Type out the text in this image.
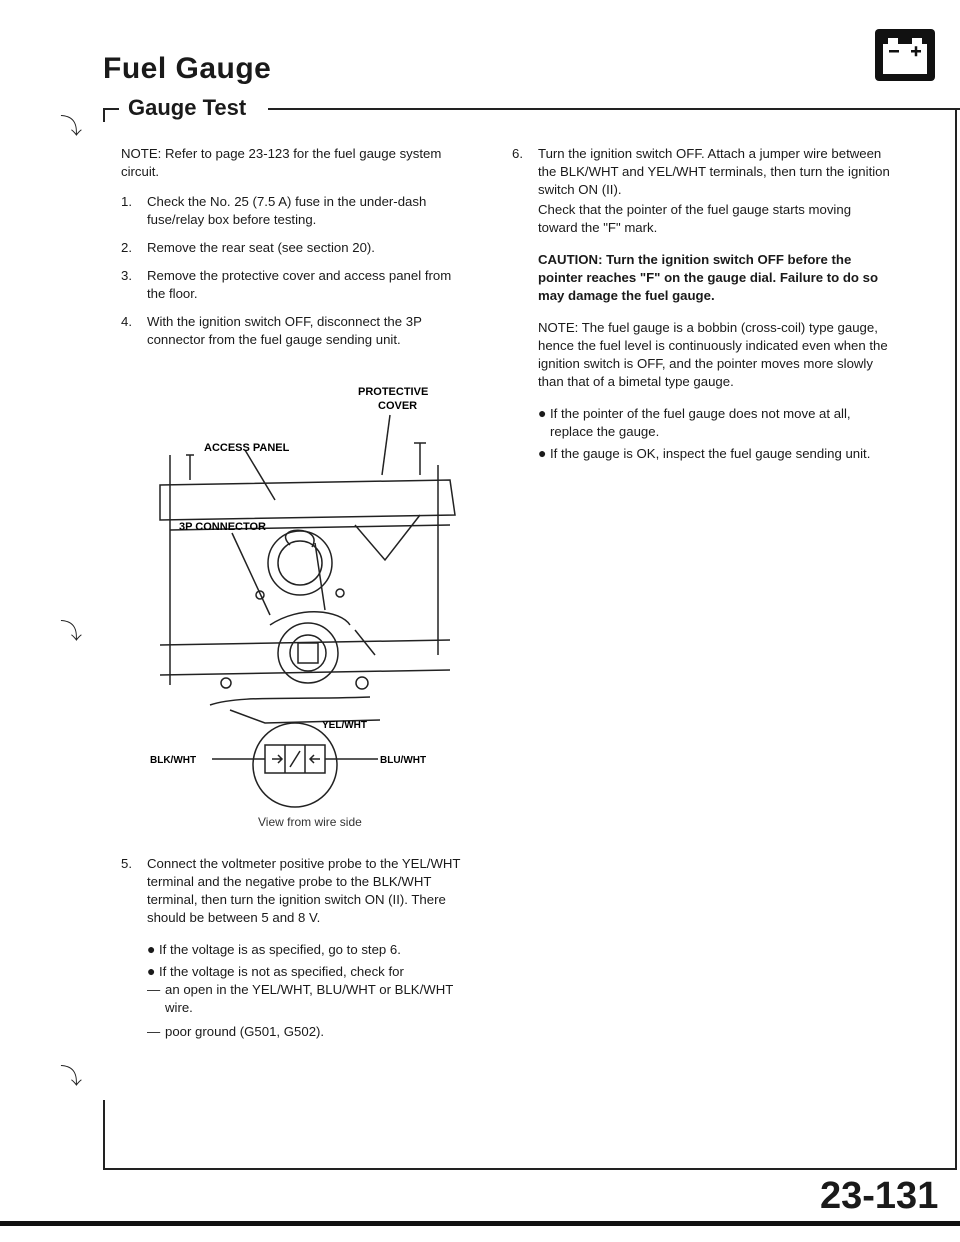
Fuel Gauge
Gauge Test
⤵
⤵
⤵

NOTE: Refer to page 23-123 for the fuel gauge system circuit.

1.	Check the No. 25 (7.5 A) fuse in the under-dash fuse/relay box before testing.
2.	Remove the rear seat (see section 20).
3.	Remove the protective cover and access panel from the floor.
4.	With the ignition switch OFF, disconnect the 3P connector from the fuel gauge sending unit.
PROTECTIVE
COVER
ACCESS PANEL
3P CONNECTOR
YEL/WHT
BLK/WHT	BLU/WHT
View from wire side
5.	Connect the voltmeter positive probe to the YEL/WHT terminal and the negative probe to the BLK/WHT terminal, then turn the ignition switch ON (II). There should be between 5 and 8 V.
● If the voltage is as specified, go to step 6.
● If the voltage is not as specified, check for
— an open in the YEL/WHT, BLU/WHT or BLK/WHT wire.
— poor ground (G501, G502).
6.	Turn the ignition switch OFF. Attach a jumper wire between the BLK/WHT and YEL/WHT terminals, then turn the ignition switch ON (II).

Check that the pointer of the fuel gauge starts moving toward the "F" mark.

CAUTION: Turn the ignition switch OFF before the pointer reaches "F" on the gauge dial. Failure to do so may damage the fuel gauge.

NOTE: The fuel gauge is a bobbin (cross-coil) type gauge, hence the fuel level is continuously indicated even when the ignition switch is OFF, and the pointer moves more slowly than that of a bimetal type gauge.

● If the pointer of the fuel gauge does not move at all, replace the gauge.
● If the gauge is OK, inspect the fuel gauge sending unit.
23-131
